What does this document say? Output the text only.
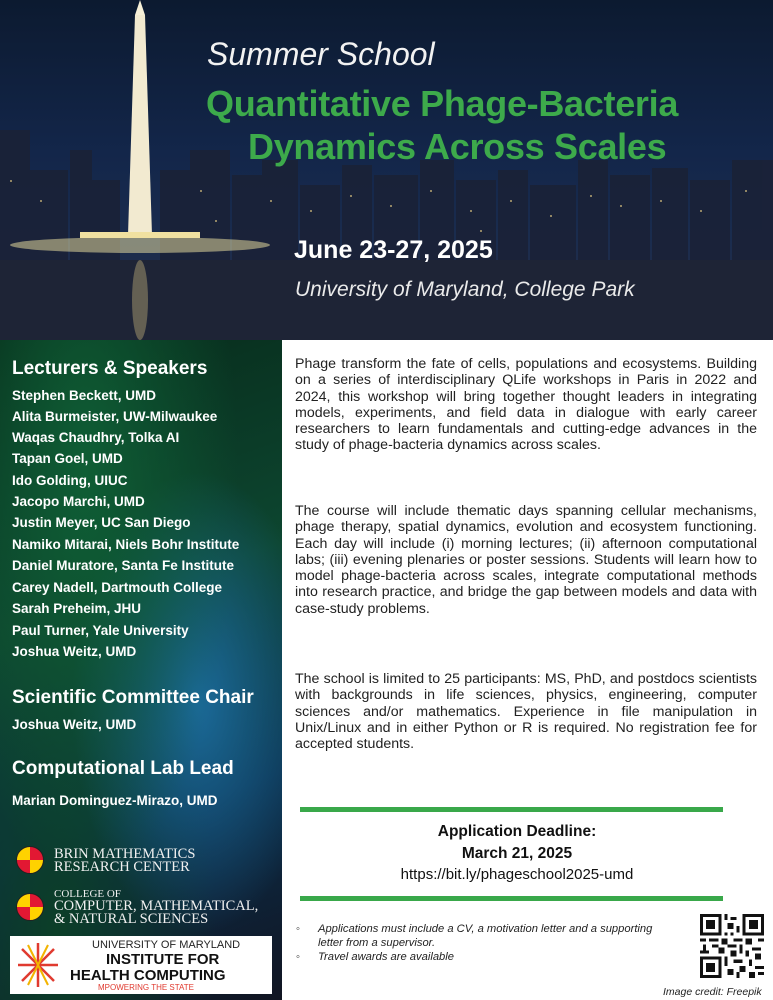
Summer School
Quantitative Phage-Bacteria
Dynamics Across Scales
June 23-27, 2025
University of Maryland, College Park
Lecturers & Speakers
Stephen Beckett, UMD
Alita Burmeister, UW-Milwaukee
Waqas Chaudhry, Tolka AI
Tapan Goel, UMD
Ido Golding, UIUC
Jacopo Marchi, UMD
Justin Meyer, UC San Diego
Namiko Mitarai, Niels Bohr Institute
Daniel Muratore, Santa Fe Institute
Carey Nadell, Dartmouth College
Sarah Preheim, JHU
Paul Turner, Yale University
Joshua Weitz, UMD
Scientific Committee Chair
Joshua Weitz, UMD
Computational Lab Lead
Marian Dominguez-Mirazo, UMD
BRIN MATHEMATICS
RESEARCH CENTER
COLLEGE OF
COMPUTER, MATHEMATICAL,
& NATURAL SCIENCES
UNIVERSITY OF MARYLAND
INSTITUTE FOR
HEALTH COMPUTING
MPOWERING THE STATE
Phage transform the fate of cells, populations and ecosystems. Building on a series of interdisciplinary QLife workshops in Paris in 2022 and 2024, this workshop will bring together thought leaders in integrating models, experiments, and field data in dialogue with early career researchers to learn fundamentals and cutting-edge advances in the study of phage-bacteria dynamics across scales.
The course will include thematic days spanning cellular mechanisms, phage therapy, spatial dynamics, evolution and ecosystem functioning. Each day will include (i) morning lectures; (ii) afternoon computational labs; (iii) evening plenaries or poster sessions. Students will learn how to model phage-bacteria across scales, integrate computational methods into research practice, and bridge the gap between models and data with case-study problems.
The school is limited to 25 participants: MS, PhD, and postdocs scientists with backgrounds in life sciences, physics, engineering, computer sciences and/or mathematics. Experience in file manipulation in Unix/Linux and in either Python or R is required. No registration fee for accepted students.
Application Deadline:
March 21, 2025
https://bit.ly/phageschool2025-umd
◦ Applications must include a CV, a motivation letter and a supporting letter from a supervisor.
◦ Travel awards are available
Image credit: Freepik
